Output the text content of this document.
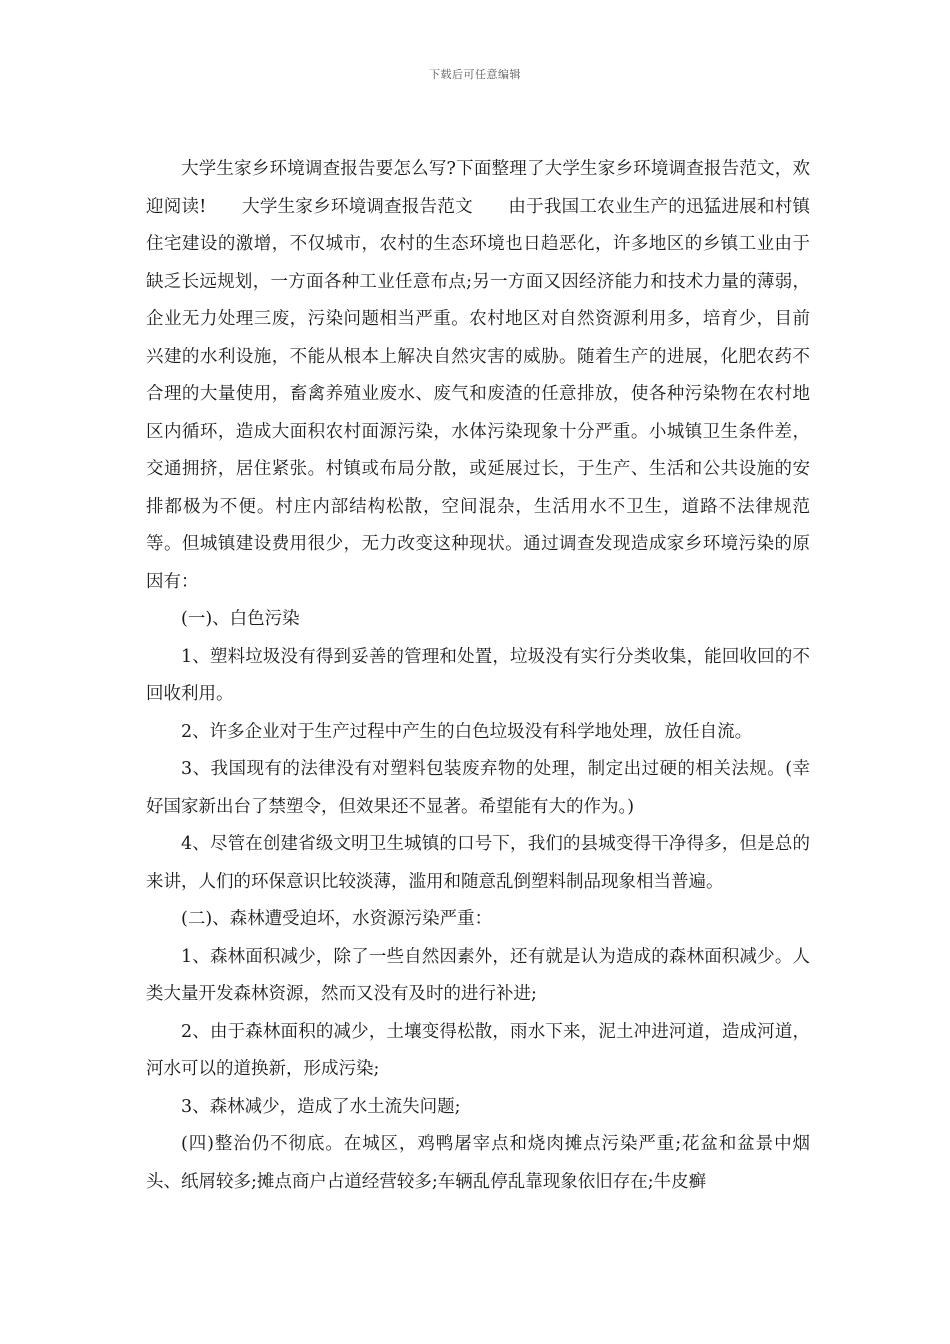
下载后可任意编辑

大学生家乡环境调查报告要怎么写?下面整理了大学生家乡环境调查报告范文，欢迎阅读!　　大学生家乡环境调查报告范文　　由于我国工农业生产的迅猛进展和村镇住宅建设的激增，不仅城市，农村的生态环境也日趋恶化，许多地区的乡镇工业由于缺乏长远规划，一方面各种工业任意布点;另一方面又因经济能力和技术力量的薄弱，企业无力处理三废，污染问题相当严重。农村地区对自然资源利用多，培育少，目前兴建的水利设施，不能从根本上解决自然灾害的威胁。随着生产的进展，化肥农药不合理的大量使用，畜禽养殖业废水、废气和废渣的任意排放，使各种污染物在农村地区内循环，造成大面积农村面源污染，水体污染现象十分严重。小城镇卫生条件差，交通拥挤，居住紧张。村镇或布局分散，或延展过长，于生产、生活和公共设施的安排都极为不便。村庄内部结构松散，空间混杂，生活用水不卫生，道路不法律规范等。但城镇建设费用很少，无力改变这种现状。通过调查发现造成家乡环境污染的原因有：

(一)、白色污染

1、塑料垃圾没有得到妥善的管理和处置，垃圾没有实行分类收集，能回收回的不回收利用。

2、许多企业对于生产过程中产生的白色垃圾没有科学地处理，放任自流。

3、我国现有的法律没有对塑料包装废弃物的处理，制定出过硬的相关法规。(幸好国家新出台了禁塑令，但效果还不显著。希望能有大的作为。)

4、尽管在创建省级文明卫生城镇的口号下，我们的县城变得干净得多，但是总的来讲，人们的环保意识比较淡薄，滥用和随意乱倒塑料制品现象相当普遍。

(二)、森林遭受迫坏，水资源污染严重：

1、森林面积减少，除了一些自然因素外，还有就是认为造成的森林面积减少。人类大量开发森林资源，然而又没有及时的进行补进;

2、由于森林面积的减少，土壤变得松散，雨水下来，泥土冲进河道，造成河道，河水可以的道换新，形成污染;

3、森林减少，造成了水土流失问题;

(四)整治仍不彻底。在城区，鸡鸭屠宰点和烧肉摊点污染严重;花盆和盆景中烟头、纸屑较多;摊点商户占道经营较多;车辆乱停乱靠现象依旧存在;牛皮癣
